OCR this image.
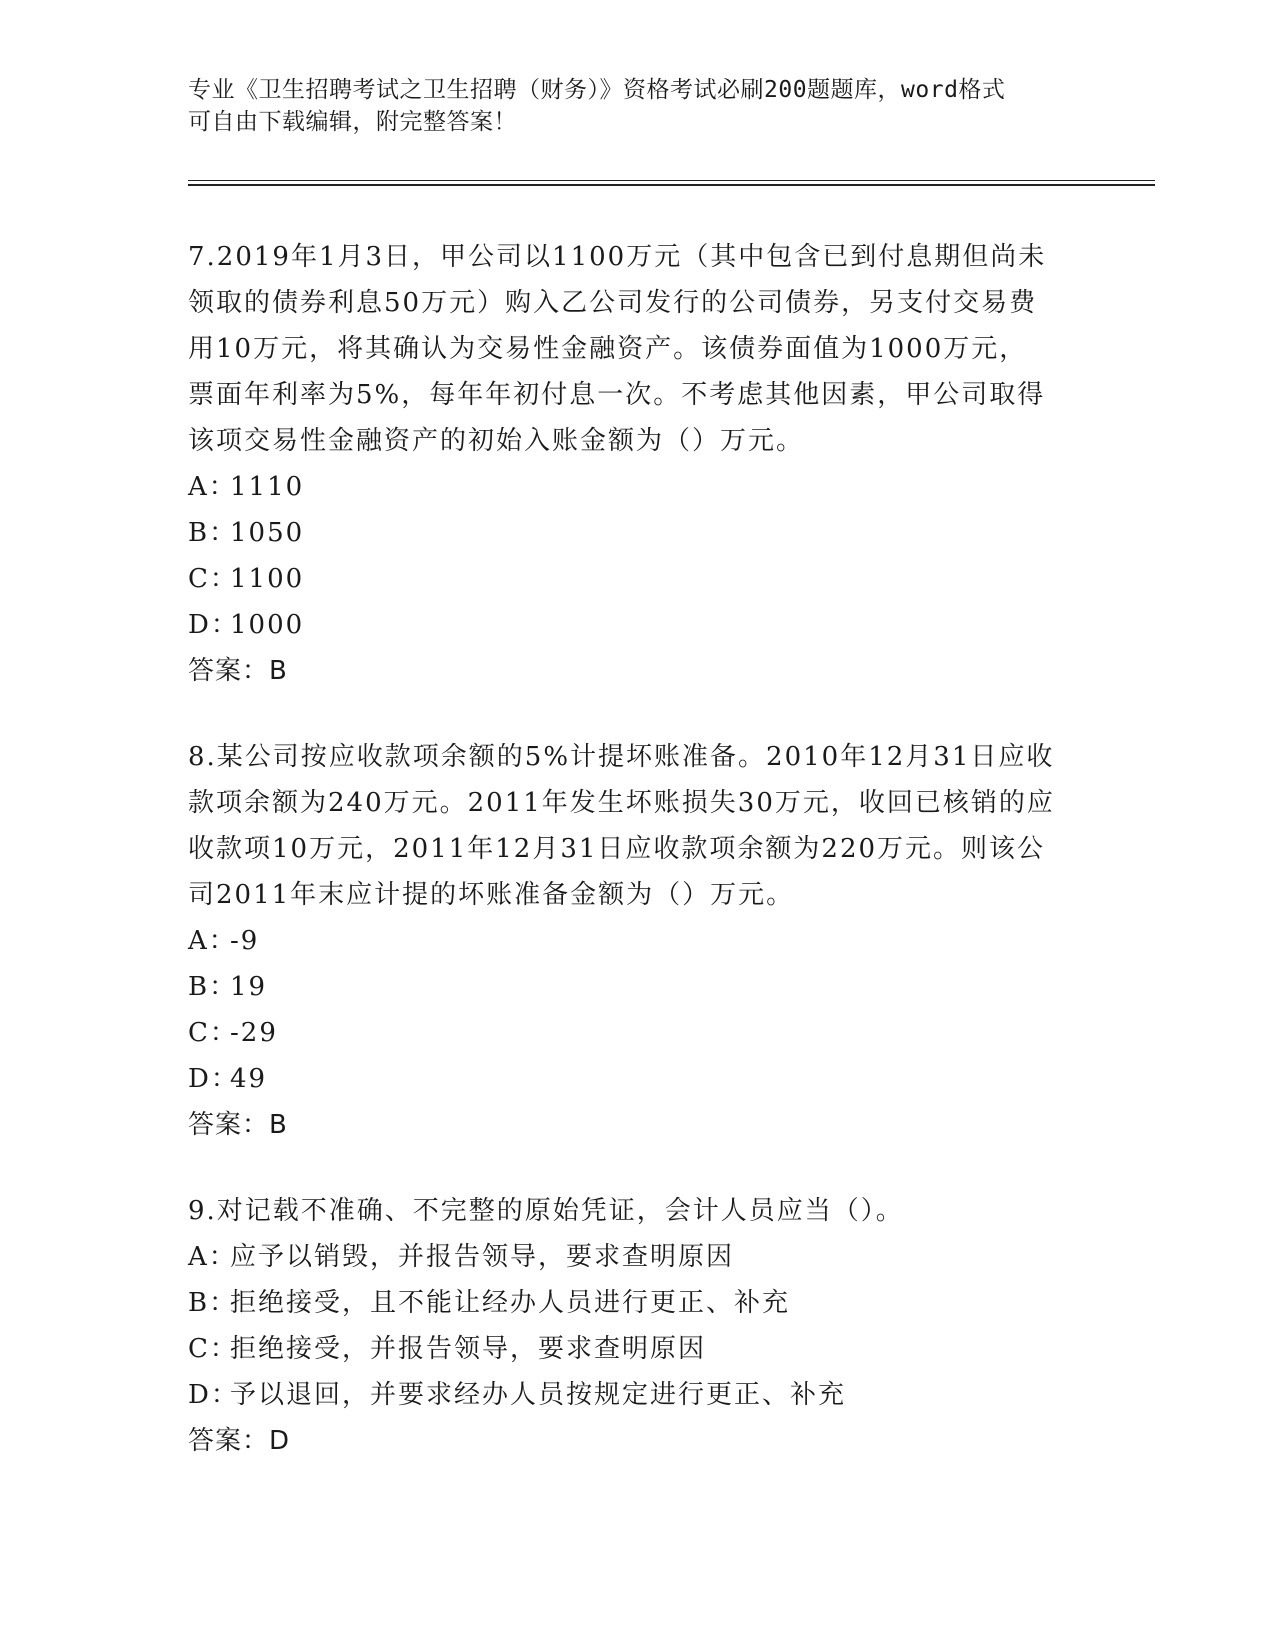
专业《卫生招聘考试之卫生招聘（财务）》资格考试必刷200题题库，word格式
可自由下载编辑，附完整答案！
7.2019年1月3日，甲公司以1100万元（其中包含已到付息期但尚未
领取的债券利息50万元）购入乙公司发行的公司债券，另支付交易费
用10万元，将其确认为交易性金融资产。该债券面值为1000万元，
票面年利率为5%，每年年初付息一次。不考虑其他因素，甲公司取得
该项交易性金融资产的初始入账金额为（）万元。
A：1110
B：1050
C：1100
D：1000
答案：B
8.某公司按应收款项余额的5%计提坏账准备。2010年12月31日应收
款项余额为240万元。2011年发生坏账损失30万元，收回已核销的应
收款项10万元，2011年12月31日应收款项余额为220万元。则该公
司2011年末应计提的坏账准备金额为（）万元。
A：-9
B：19
C：-29
D：49
答案：B
9.对记载不准确、不完整的原始凭证，会计人员应当（）。
A：应予以销毁，并报告领导，要求查明原因
B：拒绝接受，且不能让经办人员进行更正、补充
C：拒绝接受，并报告领导，要求查明原因
D：予以退回，并要求经办人员按规定进行更正、补充
答案：D
